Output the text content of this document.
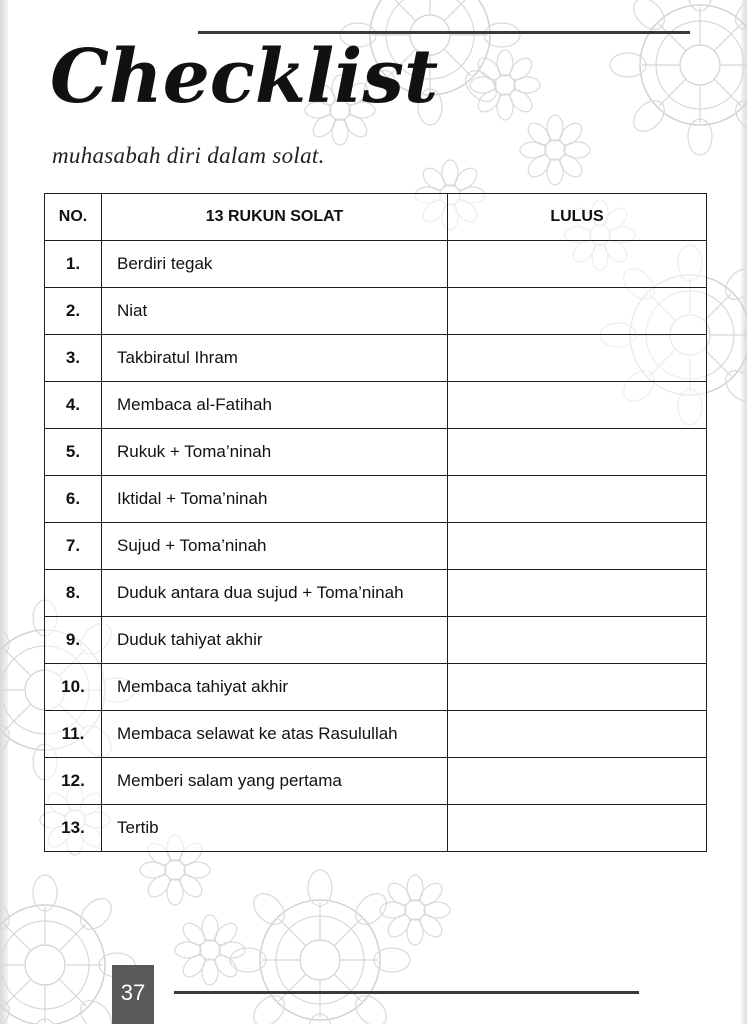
Checklist
muhasabah diri dalam solat.
NO.	13 RUKUN SOLAT	LULUS
1.	Berdiri tegak	
2.	Niat	
3.	Takbiratul Ihram	
4.	Membaca al-Fatihah	
5.	Rukuk + Toma’ninah	
6.	Iktidal + Toma’ninah	
7.	Sujud + Toma’ninah	
8.	Duduk antara dua sujud + Toma’ninah	
9.	Duduk tahiyat akhir	
10.	Membaca tahiyat akhir	
11.	Membaca selawat ke atas Rasulullah	
12.	Memberi salam yang pertama	
13.	Tertib	
37
